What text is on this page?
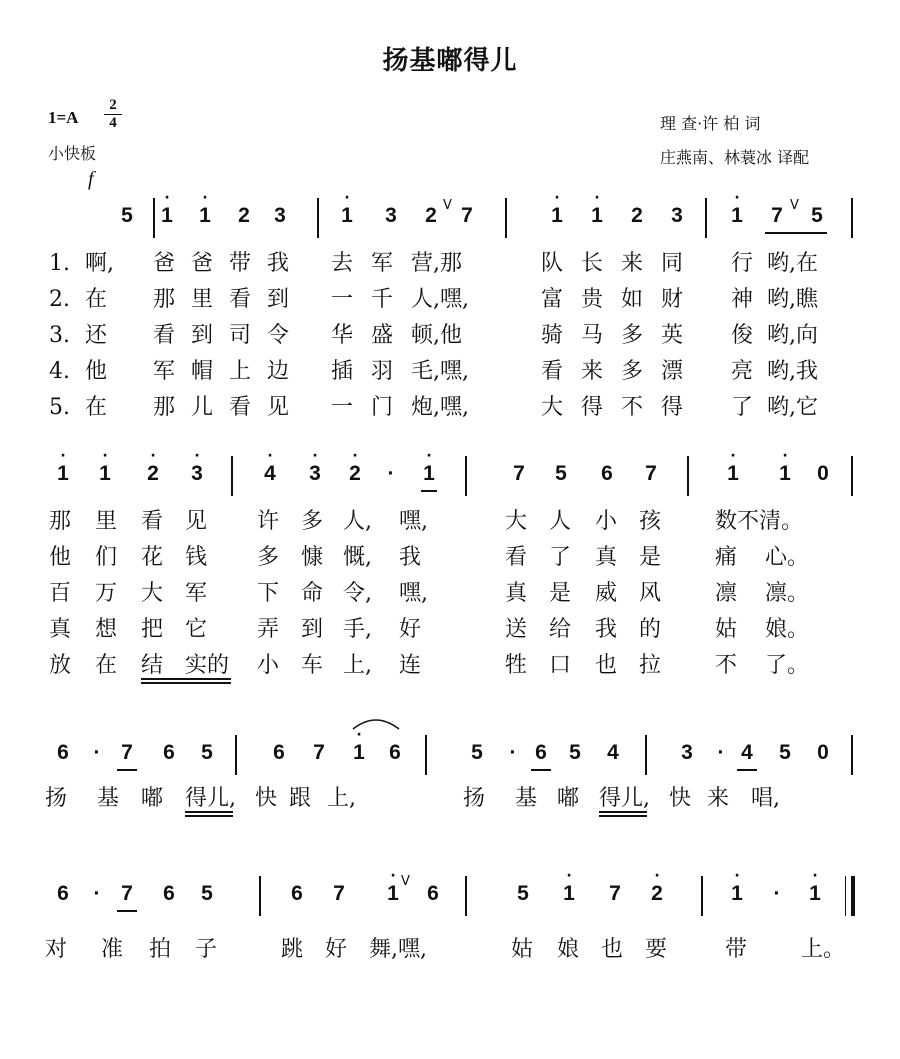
扬基嘟得儿
1=A
2
4
小快板
f
理 查·许 柏 词
庄燕南、林蓑冰 译配
5 1
·
1
·
2 3	1
·
3 2 V 7	1
·
1
·
2 3 1
·
7 V 5
1. 啊,	爸 爸 带 我	去 军 营,那	队 长 来 同	行 哟,在
2. 在	那 里 看 到	一 千 人,嘿,	富 贵 如 财	神 哟,瞧
3. 还	看 到 司 令	华 盛 顿,他	骑 马 多 英	俊 哟,向
4. 他	军 帽 上 边	插 羽 毛,嘿,	看 来 多 漂	亮 哟,我
5. 在	那 儿 看 见	一 门 炮,嘿,	大 得 不 得	了 哟,它
1
·
1
·
2
·
3
·
4
·
3
·
2
·
·	1
·
7 5 6 7	1
·
1
·
0
那	里	看 见	许 多 人,	嘿,	大 人	小 孩	数不清。
他	们	花 钱	多 慷 慨,	我	看 了	真 是	痛	心。
百	万	大 军	下 命 令,	嘿,	真 是	威 风	凛	凛。
真	想	把 它	弄 到 手,	好	送 给	我 的	姑	娘。
放	在	结 实的	小 车 上,	连	牲 口	也 拉	不	了。
6	· 7 6 5	6 7 1
·
6	5	· 6 5 4	3	· 4 5 0
扬	基 嘟 得儿, 快 跟 上,	扬	基 嘟 得儿, 快 来 唱,
6	· 7 6 5	6 7 1
· V
6	5 1
·
7 2
·
1
·
·	1
·
对	准	拍	子	跳 好 舞,嘿,	姑	娘 也 要	带	上。
